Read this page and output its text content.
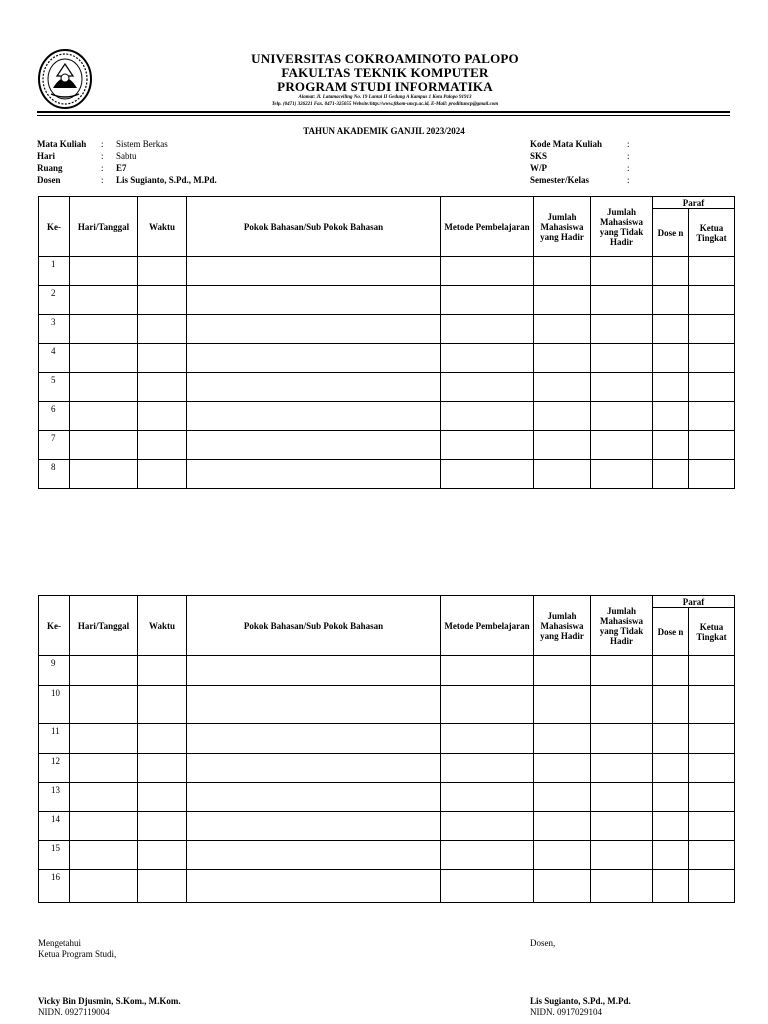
UNIVERSITAS COKROAMINOTO PALOPO
FAKULTAS TEKNIK KOMPUTER
PROGRAM STUDI INFORMATIKA
Alamat: Jl. Latamacelling No. 19 Lantai II Gedung A Kampus 1 Kota Palopo 91913
Telp. (0471) 326221 Fax. 0471-325055 Website:http://www.ftkom-uncp.ac.id, E-Mail: prodiituncp@gmail.com
TAHUN AKADEMIK GANJIL 2023/2024
Mata Kuliah	:	Sistem Berkas
Hari	:	Sabtu
Ruang	:	E7
Dosen	:	Lis Sugianto, S.Pd., M.Pd.
Kode Mata Kuliah	:
SKS	:
W/P	:
Semester/Kelas	:
Ke-	Hari/Tanggal	Waktu	Pokok Bahasan/Sub Pokok Bahasan	Metode Pembelajaran	Jumlah Mahasiswa yang Hadir	Jumlah Mahasiswa yang Tidak Hadir	Paraf	
							Dose n	Ketua Tingkat
1								
2								
3								
4								
5								
6								
7								
8								
Ke-	Hari/Tanggal	Waktu	Pokok Bahasan/Sub Pokok Bahasan	Metode Pembelajaran	Jumlah Mahasiswa yang Hadir	Jumlah Mahasiswa yang Tidak Hadir	Paraf	
							Dose n	Ketua Tingkat
9								
10								
11								
12								
13								
14								
15								
16								
Mengetahui
Ketua Program Studi,
Vicky Bin Djusmin, S.Kom., M.Kom.
NIDN. 0927119004
Dosen,
Lis Sugianto, S.Pd., M.Pd.
NIDN. 0917029104
